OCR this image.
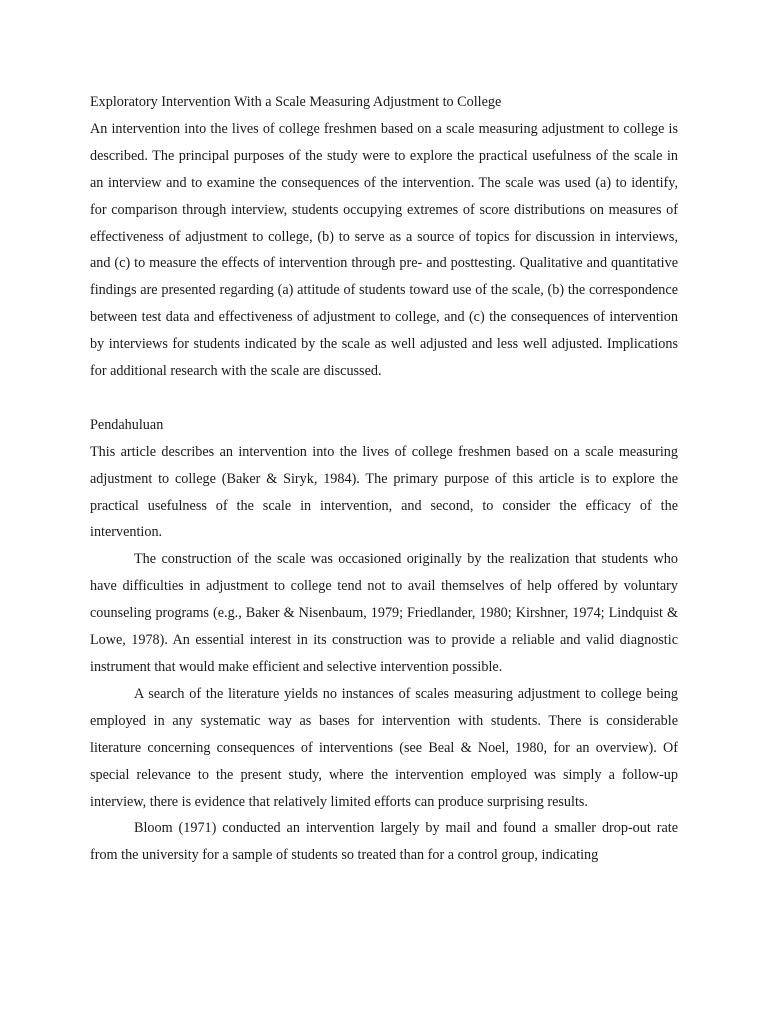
Exploratory Intervention With a Scale Measuring Adjustment to College

An intervention into the lives of college freshmen based on a scale measuring adjustment to college is described. The principal purposes of the study were to explore the practical usefulness of the scale in an interview and to examine the consequences of the intervention. The scale was used (a) to identify, for comparison through interview, students occupying extremes of score distributions on measures of effectiveness of adjustment to college, (b) to serve as a source of topics for discussion in interviews, and (c) to measure the effects of intervention through pre- and posttesting. Qualitative and quantitative findings are presented regarding (a) attitude of students toward use of the scale, (b) the correspondence between test data and effectiveness of adjustment to college, and (c) the consequences of intervention by interviews for students indicated by the scale as well adjusted and less well adjusted. Implications for additional research with the scale are discussed.

Pendahuluan

This article describes an intervention into the lives of college freshmen based on a scale measuring adjustment to college (Baker & Siryk, 1984). The primary purpose of this article is to explore the practical usefulness of the scale in intervention, and second, to consider the efficacy of the intervention.

The construction of the scale was occasioned originally by the realization that students who have difficulties in adjustment to college tend not to avail themselves of help offered by voluntary counseling programs (e.g., Baker & Nisenbaum, 1979; Friedlander, 1980; Kirshner, 1974; Lindquist & Lowe, 1978). An essential interest in its construction was to provide a reliable and valid diagnostic instrument that would make efficient and selective intervention possible.

A search of the literature yields no instances of scales measuring adjustment to college being employed in any systematic way as bases for intervention with students. There is considerable literature concerning consequences of interventions (see Beal & Noel, 1980, for an overview). Of special relevance to the present study, where the intervention employed was simply a follow-up interview, there is evidence that relatively limited efforts can produce surprising results.

Bloom (1971) conducted an intervention largely by mail and found a smaller drop-out rate from the university for a sample of students so treated than for a control group, indicating
